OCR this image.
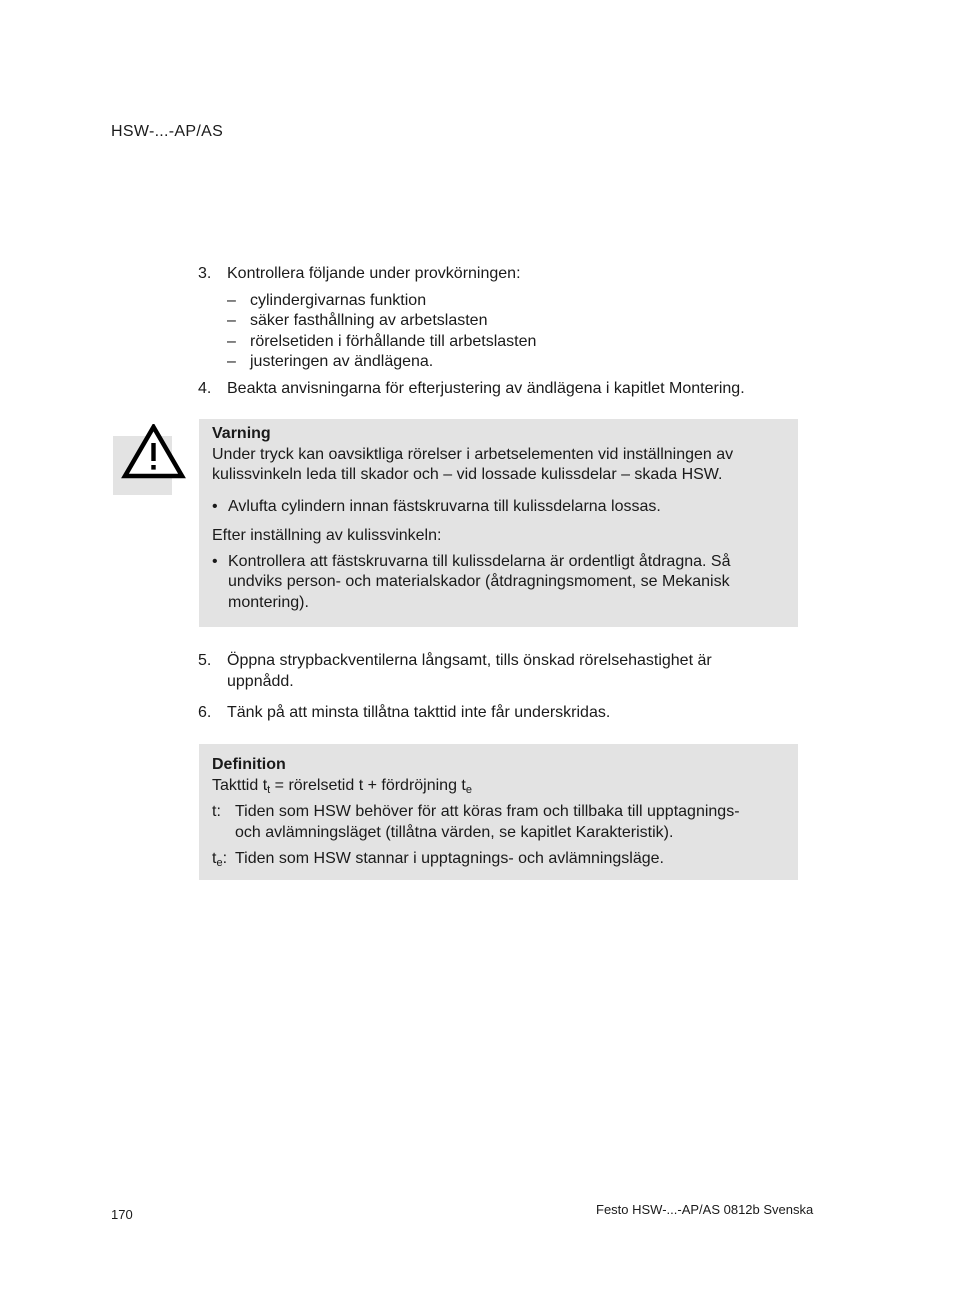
HSW-...-AP/AS
3. Kontrollera följande under provkörningen:
– cylindergivarnas funktion
– säker fasthållning av arbetslasten
– rörelsetiden i förhållande till arbetslasten
– justeringen av ändlägena.
4. Beakta anvisningarna för efterjustering av ändlägena i kapitlet Montering.
Varning
Under tryck kan oavsiktliga rörelser i arbetselementen vid inställningen av kulissvinkeln leda till skador och – vid lossade kulissdelar – skada HSW.
• Avlufta cylindern innan fästskruvarna till kulissdelarna lossas.
Efter inställning av kulissvinkeln:
• Kontrollera att fästskruvarna till kulissdelarna är ordentligt åtdragna. Så undviks person- och materialskador (åtdragningsmoment, se Mekanisk montering).
5. Öppna strypbackventilerna långsamt, tills önskad rörelsehastighet är uppnådd.
6. Tänk på att minsta tillåtna takttid inte får underskridas.
Definition
Takttid $t_t$ = rörelsetid t + fördröjning $t_e$
t: Tiden som HSW behöver för att köras fram och tillbaka till upptagnings- och avlämningsläget (tillåtna värden, se kapitlet Karakteristik).
$t_e$: Tiden som HSW stannar i upptagnings- och avlämningsläge.
170	Festo HSW-...-AP/AS 0812b Svenska
